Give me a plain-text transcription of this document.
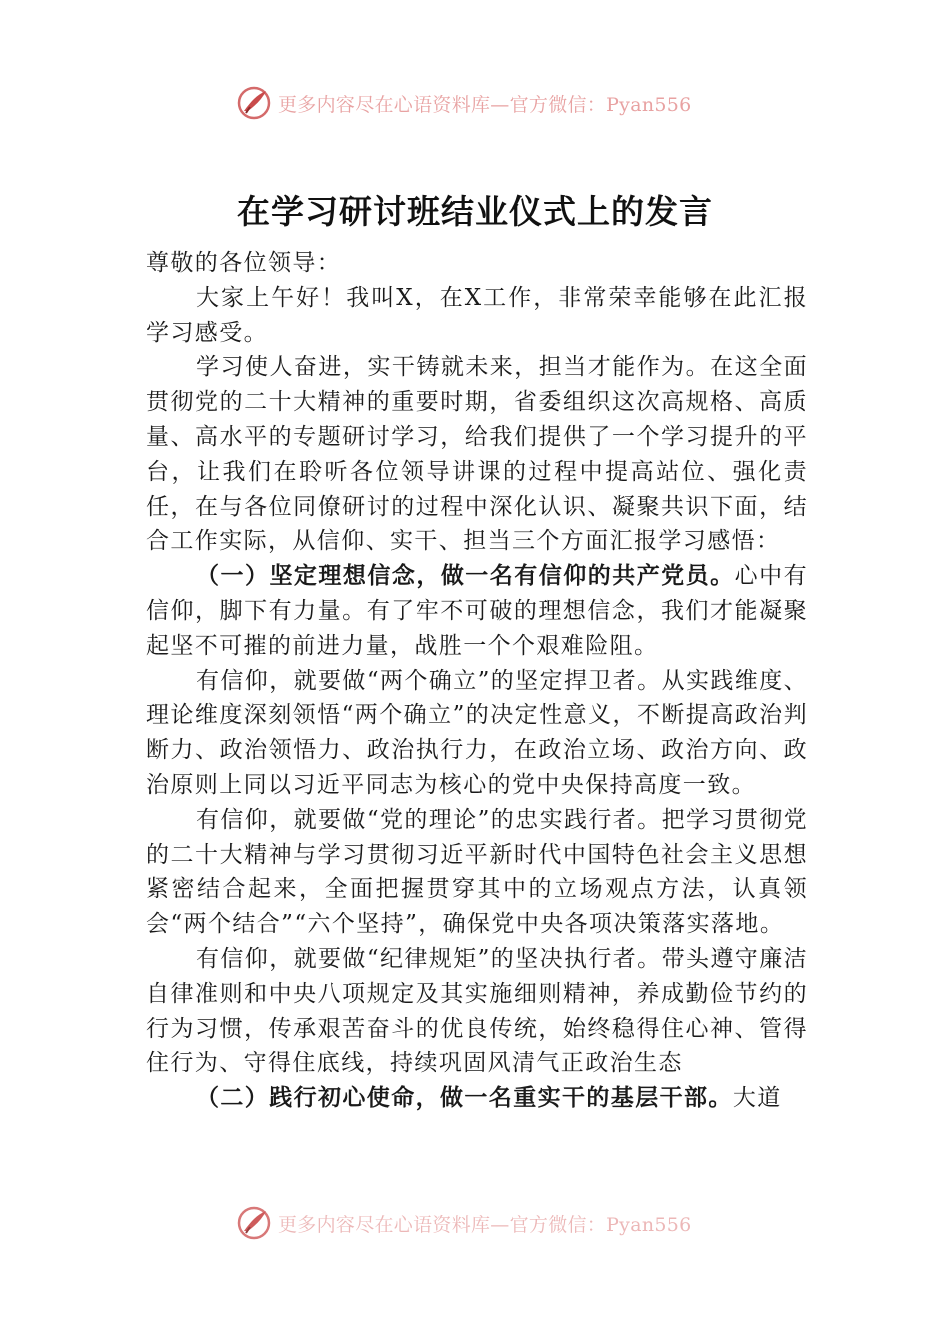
更多内容尽在心语资料库—官方微信：Pyan556
在学习研讨班结业仪式上的发言

尊敬的各位领导：

大家上午好！我叫X，在X工作，非常荣幸能够在此汇报学习感受。

学习使人奋进，实干铸就未来，担当才能作为。在这全面贯彻党的二十大精神的重要时期，省委组织这次高规格、高质量、高水平的专题研讨学习，给我们提供了一个学习提升的平台，让我们在聆听各位领导讲课的过程中提高站位、强化责任，在与各位同僚研讨的过程中深化认识、凝聚共识下面，结合工作实际，从信仰、实干、担当三个方面汇报学习感悟：

（一）坚定理想信念，做一名有信仰的共产党员。心中有信仰，脚下有力量。有了牢不可破的理想信念，我们才能凝聚起坚不可摧的前进力量，战胜一个个艰难险阻。

有信仰，就要做“两个确立”的坚定捍卫者。从实践维度、理论维度深刻领悟“两个确立”的决定性意义，不断提高政治判断力、政治领悟力、政治执行力，在政治立场、政治方向、政治原则上同以习近平同志为核心的党中央保持高度一致。

有信仰，就要做“党的理论”的忠实践行者。把学习贯彻党的二十大精神与学习贯彻习近平新时代中国特色社会主义思想紧密结合起来，全面把握贯穿其中的立场观点方法，认真领会“两个结合”“六个坚持”，确保党中央各项决策落实落地。

有信仰，就要做“纪律规矩”的坚决执行者。带头遵守廉洁自律准则和中央八项规定及其实施细则精神，养成勤俭节约的行为习惯，传承艰苦奋斗的优良传统，始终稳得住心神、管得住行为、守得住底线，持续巩固风清气正政治生态

（二）践行初心使命，做一名重实干的基层干部。大道

更多内容尽在心语资料库—官方微信：Pyan556
